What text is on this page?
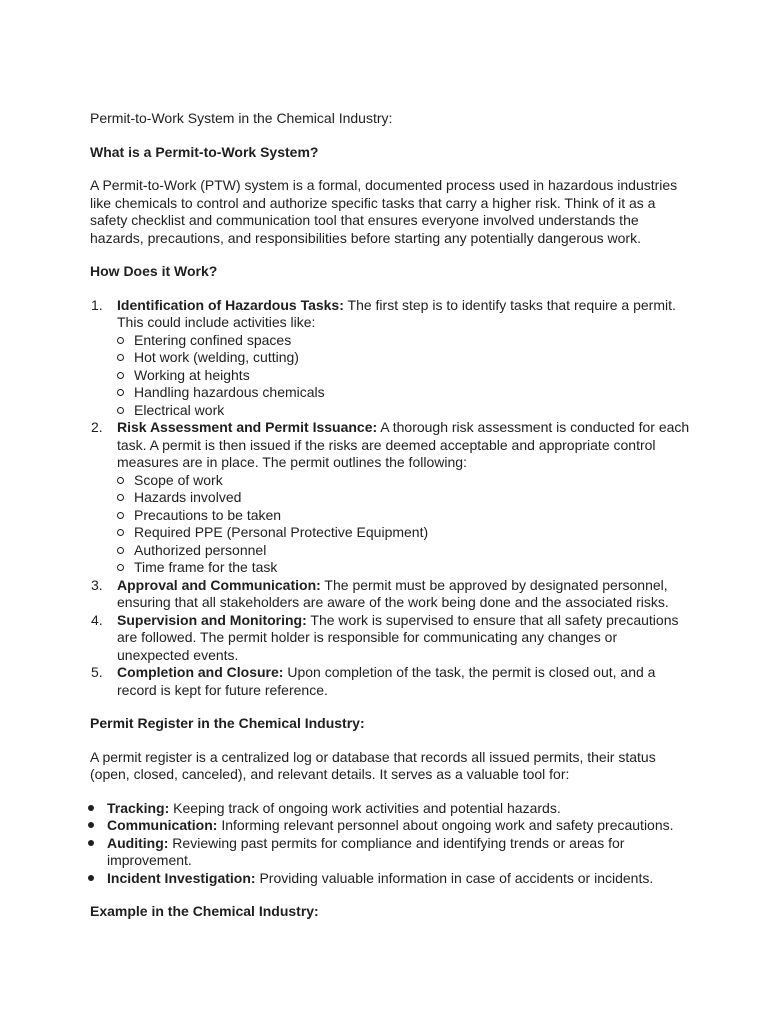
Permit-to-Work System in the Chemical Industry:

What is a Permit-to-Work System?

A Permit-to-Work (PTW) system is a formal, documented process used in hazardous industries like chemicals to control and authorize specific tasks that carry a higher risk. Think of it as a safety checklist and communication tool that ensures everyone involved understands the hazards, precautions, and responsibilities before starting any potentially dangerous work.

How Does it Work?

1. Identification of Hazardous Tasks: The first step is to identify tasks that require a permit. This could include activities like:
Entering confined spaces
Hot work (welding, cutting)
Working at heights
Handling hazardous chemicals
Electrical work
2. Risk Assessment and Permit Issuance: A thorough risk assessment is conducted for each task. A permit is then issued if the risks are deemed acceptable and appropriate control measures are in place. The permit outlines the following:
Scope of work
Hazards involved
Precautions to be taken
Required PPE (Personal Protective Equipment)
Authorized personnel
Time frame for the task
3. Approval and Communication: The permit must be approved by designated personnel, ensuring that all stakeholders are aware of the work being done and the associated risks.
4. Supervision and Monitoring: The work is supervised to ensure that all safety precautions are followed. The permit holder is responsible for communicating any changes or unexpected events.
5. Completion and Closure: Upon completion of the task, the permit is closed out, and a record is kept for future reference.

Permit Register in the Chemical Industry:

A permit register is a centralized log or database that records all issued permits, their status (open, closed, canceled), and relevant details. It serves as a valuable tool for:

Tracking: Keeping track of ongoing work activities and potential hazards.
Communication: Informing relevant personnel about ongoing work and safety precautions.
Auditing: Reviewing past permits for compliance and identifying trends or areas for improvement.
Incident Investigation: Providing valuable information in case of accidents or incidents.

Example in the Chemical Industry:
